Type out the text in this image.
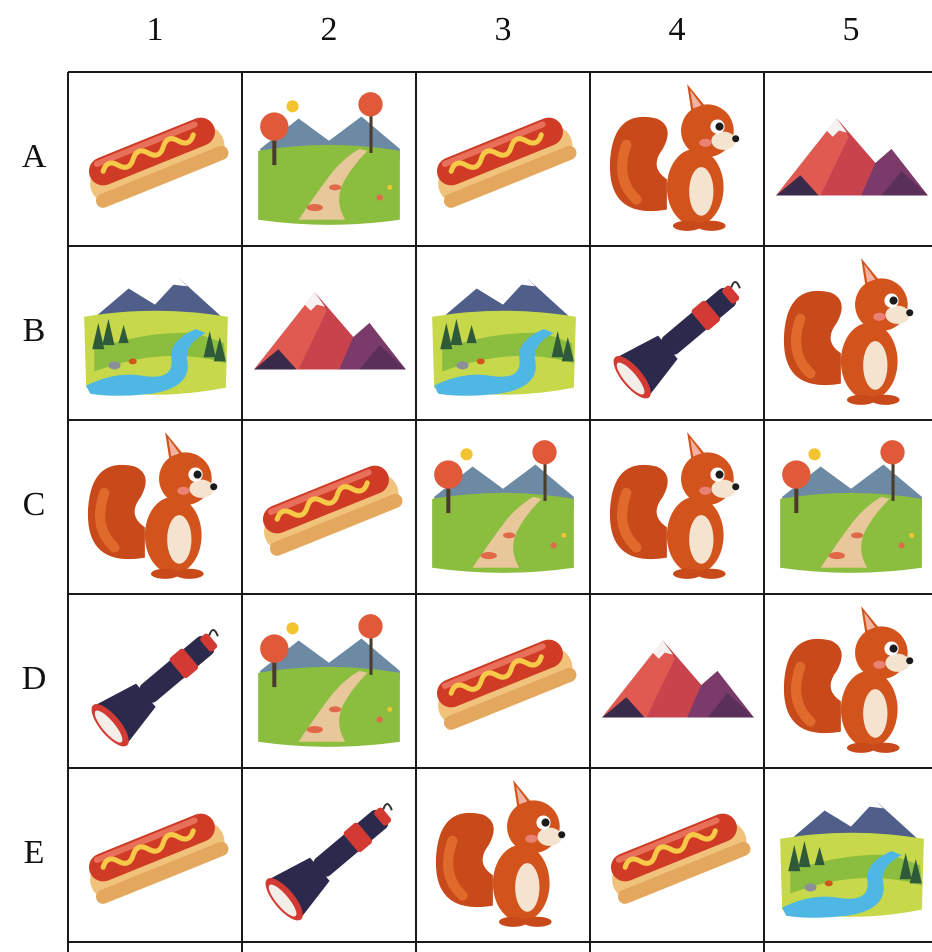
1	2	3	4	5
A
B
C
D
E
